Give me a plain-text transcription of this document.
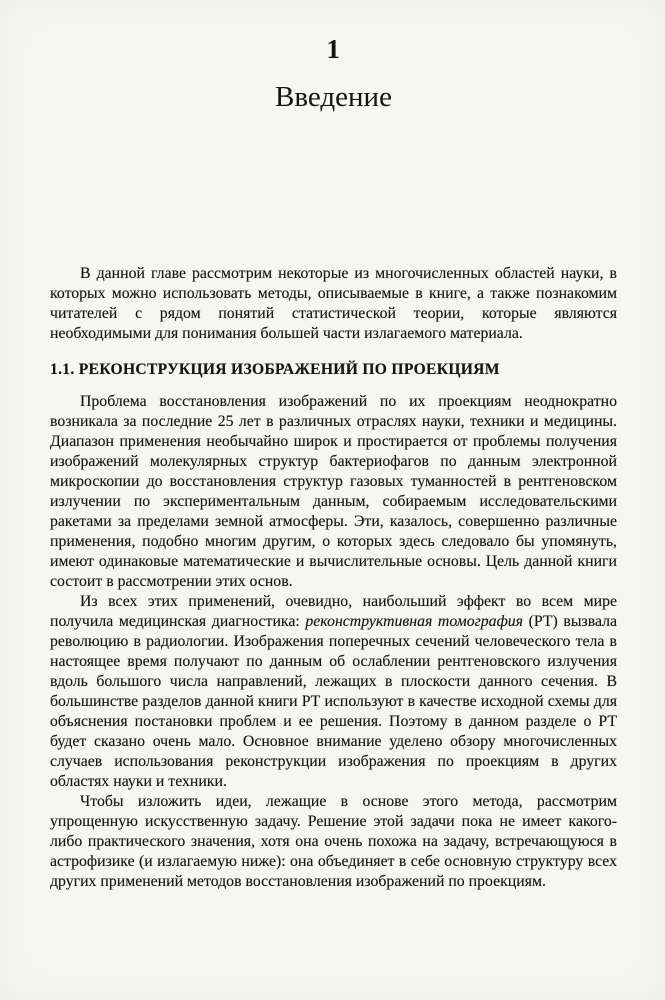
1
Введение

В данной главе рассмотрим некоторые из многочисленных областей науки, в которых можно использовать методы, описываемые в книге, а также познакомим читателей с рядом понятий статистической теории, которые являются необходимыми для понимания большей части излагаемого материала.

1.1. РЕКОНСТРУКЦИЯ ИЗОБРАЖЕНИЙ ПО ПРОЕКЦИЯМ

Проблема восстановления изображений по их проекциям неоднократно возникала за последние 25 лет в различных отраслях науки, техники и медицины. Диапазон применения необычайно широк и простирается от проблемы получения изображений молекулярных структур бактериофагов по данным электронной микроскопии до восстановления структур газовых туманностей в рентгеновском излучении по экспериментальным данным, собираемым исследовательскими ракетами за пределами земной атмосферы. Эти, казалось, совершенно различные применения, подобно многим другим, о которых здесь следовало бы упомянуть, имеют одинаковые математические и вычислительные основы. Цель данной книги состоит в рассмотрении этих основ.

Из всех этих применений, очевидно, наибольший эффект во всем мире получила медицинская диагностика: реконструктивная томография (РТ) вызвала революцию в радиологии. Изображения поперечных сечений человеческого тела в настоящее время получают по данным об ослаблении рентгеновского излучения вдоль большого числа направлений, лежащих в плоскости данного сечения. В большинстве разделов данной книги РТ используют в качестве исходной схемы для объяснения постановки проблем и ее решения. Поэтому в данном разделе о РТ будет сказано очень мало. Основное внимание уделено обзору многочисленных случаев использования реконструкции изображения по проекциям в других областях науки и техники.

Чтобы изложить идеи, лежащие в основе этого метода, рассмотрим упрощенную искусственную задачу. Решение этой задачи пока не имеет какого-либо практического значения, хотя она очень похожа на задачу, встречающуюся в астрофизике (и излагаемую ниже): она объединяет в себе основную структуру всех других применений методов восстановления изображений по проекциям.
